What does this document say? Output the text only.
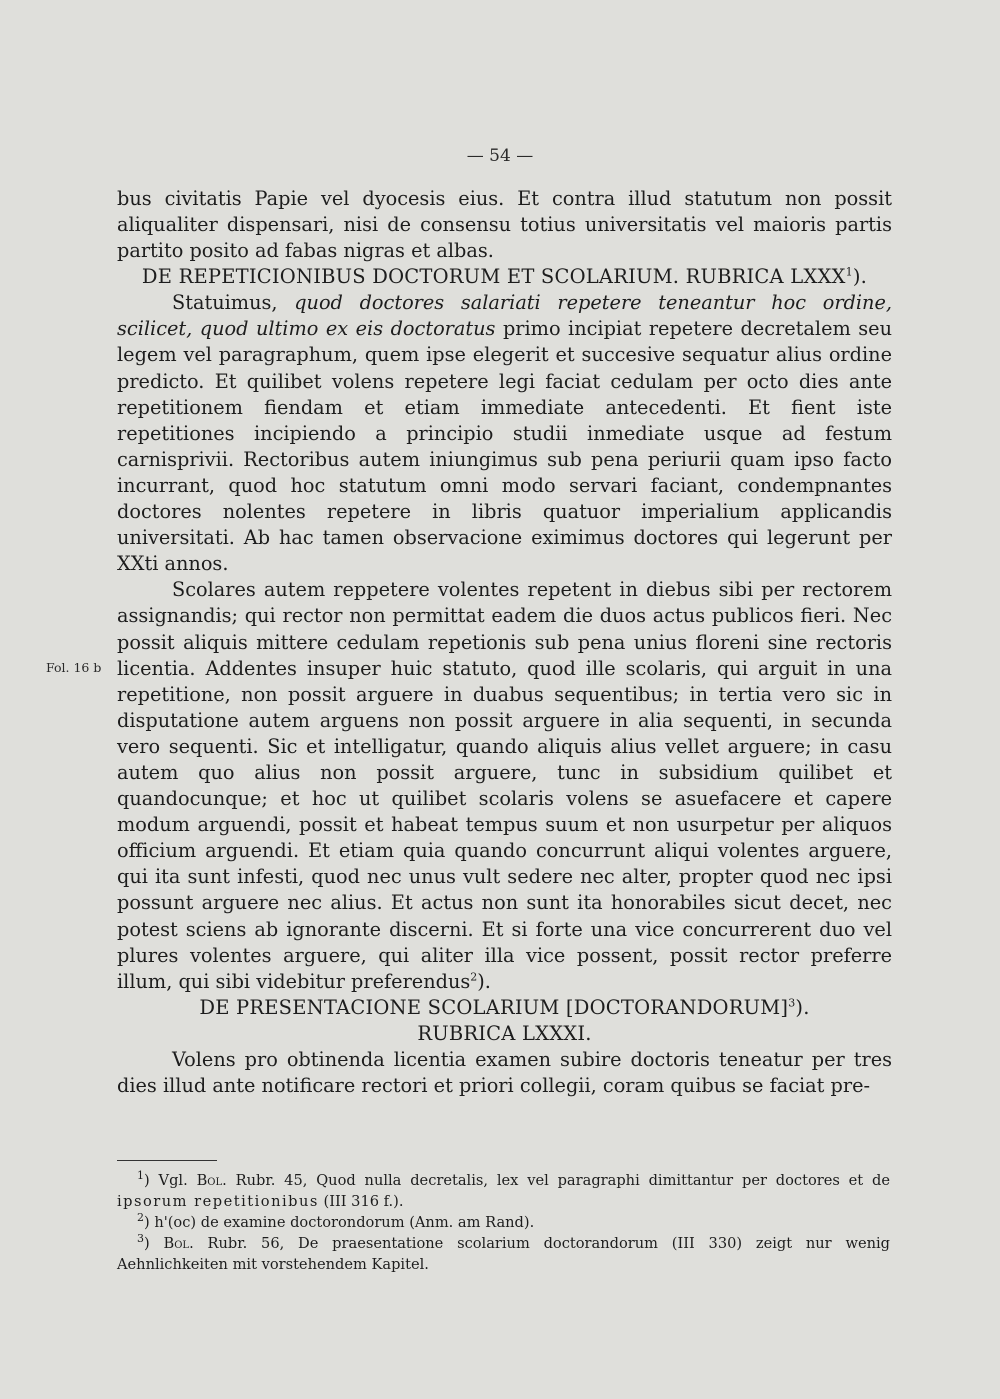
— 54 —
Fol. 16 b

bus civitatis Papie vel dyocesis eius. Et contra illud statutum non possit aliqualiter dispensari, nisi de consensu totius universitatis vel maioris partis partito posito ad fabas nigras et albas.

DE REPETICIONIBUS DOCTORUM ET SCOLARIUM. RUBRICA LXXX$^1$).

Statuimus, quod doctores salariati repetere teneantur hoc ordine, scilicet, quod ultimo ex eis doctoratus primo incipiat repetere decretalem seu legem vel paragraphum, quem ipse elegerit et succesive sequatur alius ordine predicto. Et quilibet volens repetere legi faciat cedulam per octo dies ante repetitionem fiendam et etiam immediate antecedenti. Et fient iste repetitiones incipiendo a principio studii inmediate usque ad festum carnisprivii. Rectoribus autem iniungimus sub pena periurii quam ipso facto incurrant, quod hoc statutum omni modo servari faciant, condempnantes doctores nolentes repetere in libris quatuor imperialium applicandis universitati. Ab hac tamen observacione eximimus doctores qui legerunt per XXti annos.

Scolares autem reppetere volentes repetent in diebus sibi per rectorem assignandis; qui rector non permittat eadem die duos actus publicos fieri. Nec possit aliquis mittere cedulam repetionis sub pena unius floreni sine rectoris licentia. Addentes insuper huic statuto, quod ille scolaris, qui arguit in una repetitione, non possit arguere in duabus sequentibus; in tertia vero sic in disputatione autem arguens non possit arguere in alia sequenti, in secunda vero sequenti. Sic et intelligatur, quando aliquis alius vellet arguere; in casu autem quo alius non possit arguere, tunc in subsidium quilibet et quandocunque; et hoc ut quilibet scolaris volens se asuefacere et capere modum arguendi, possit et habeat tempus suum et non usurpetur per aliquos officium arguendi. Et etiam quia quando concurrunt aliqui volentes arguere, qui ita sunt infesti, quod nec unus vult sedere nec alter, propter quod nec ipsi possunt arguere nec alius. Et actus non sunt ita honorabiles sicut decet, nec potest sciens ab ignorante discerni. Et si forte una vice concurrerent duo vel plures volentes arguere, qui aliter illa vice possent, possit rector preferre illum, qui sibi videbitur preferendus$^2$).

DE PRESENTACIONE SCOLARIUM [DOCTORANDORUM]$^3$).
RUBRICA LXXXI.

Volens pro obtinenda licentia examen subire doctoris teneatur per tres dies illud ante notificare rectori et priori collegii, coram quibus se faciat pre-

$^1$) Vgl. Bol. Rubr. 45, Quod nulla decretalis, lex vel paragraphi dimittantur per doctores et de ipsorum repetitionibus (III 316 f.).

$^2$) h'(oc) de examine doctorondorum (Anm. am Rand).

$^3$) Bol. Rubr. 56, De praesentatione scolarium doctorandorum (III 330) zeigt nur wenig Aehnlichkeiten mit vorstehendem Kapitel.
